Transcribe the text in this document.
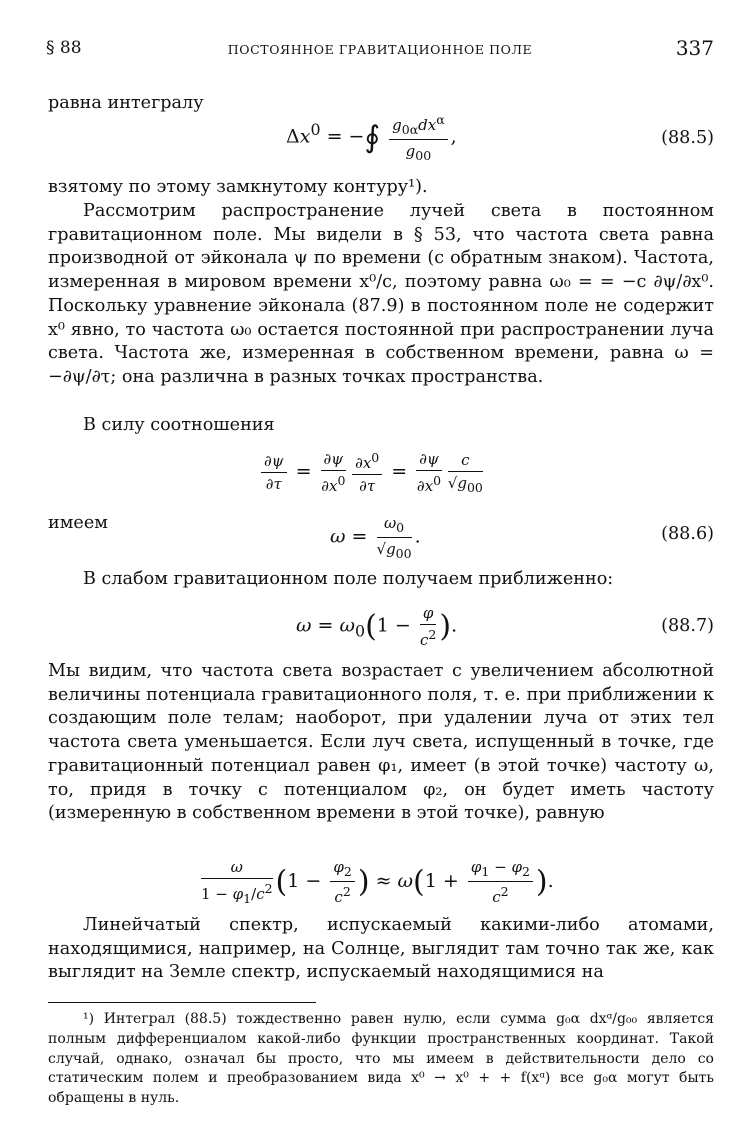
§ 88	ПОСТОЯННОЕ ГРАВИТАЦИОННОЕ ПОЛЕ	337

равна интегралу

$\Delta x^0$ = −∮ $\frac{g_{0\alpha}dx^\alpha}{g_{00}}$ ,	(88.5)

взятому по этому замкнутому контуру¹).

Рассмотрим распространение лучей света в постоянном гравитационном поле. Мы видели в § 53, что частота света равна производной от эйконала ψ по времени (с обратным знаком). Частота, измеренная в мировом времени x⁰/c, поэтому равна ω₀ = = −c ∂ψ/∂x⁰. Поскольку уравнение эйконала (87.9) в постоянном поле не содержит x⁰ явно, то частота ω₀ остается постоянной при распространении луча света. Частота же, измеренная в собственном времени, равна ω = −∂ψ/∂τ; она различна в разных точках пространства.

В силу соотношения

$\frac{\partial\psi}{\partial\tau} = \frac{\partial\psi}{\partial x^0} \frac{\partial x^0}{\partial\tau} = \frac{\partial\psi}{\partial x^0} \frac{c}{√g_{00}}$

имеем

$\omega = \frac{\omega_0}{√g_{00}}$ .	(88.6)

В слабом гравитационном поле получаем приближенно:

$\omega = \omega_0(1 - \frac{\varphi}{c^2}$ ).	(88.7)

Мы видим, что частота света возрастает с увеличением абсолютной величины потенциала гравитационного поля, т. е. при приближении к создающим поле телам; наоборот, при удалении луча от этих тел частота света уменьшается. Если луч света, испущенный в точке, где гравитационный потенциал равен φ₁, имеет (в этой точке) частоту ω, то, придя в точку с потенциалом φ₂, он будет иметь частоту (измеренную в собственном времени в этой точке), равную

$\frac{\omega}{1 - \varphi_1/c^2} (1 - \frac{\varphi_2}{c^2}$ ) ≈ $\omega(1 + \frac{\varphi_1 - \varphi_2}{c^2}$ ).

Линейчатый спектр, испускаемый какими-либо атомами, находящимися, например, на Солнце, выглядит там точно так же, как выглядит на Земле спектр, испускаемый находящимися на

¹) Интеграл (88.5) тождественно равен нулю, если сумма g₀α dxᵅ/g₀₀ является полным дифференциалом какой-либо функции пространственных координат. Такой случай, однако, означал бы просто, что мы имеем в действительности дело со статическим полем и преобразованием вида x⁰ → x⁰ + + f(xᵅ) все g₀α могут быть обращены в нуль.
